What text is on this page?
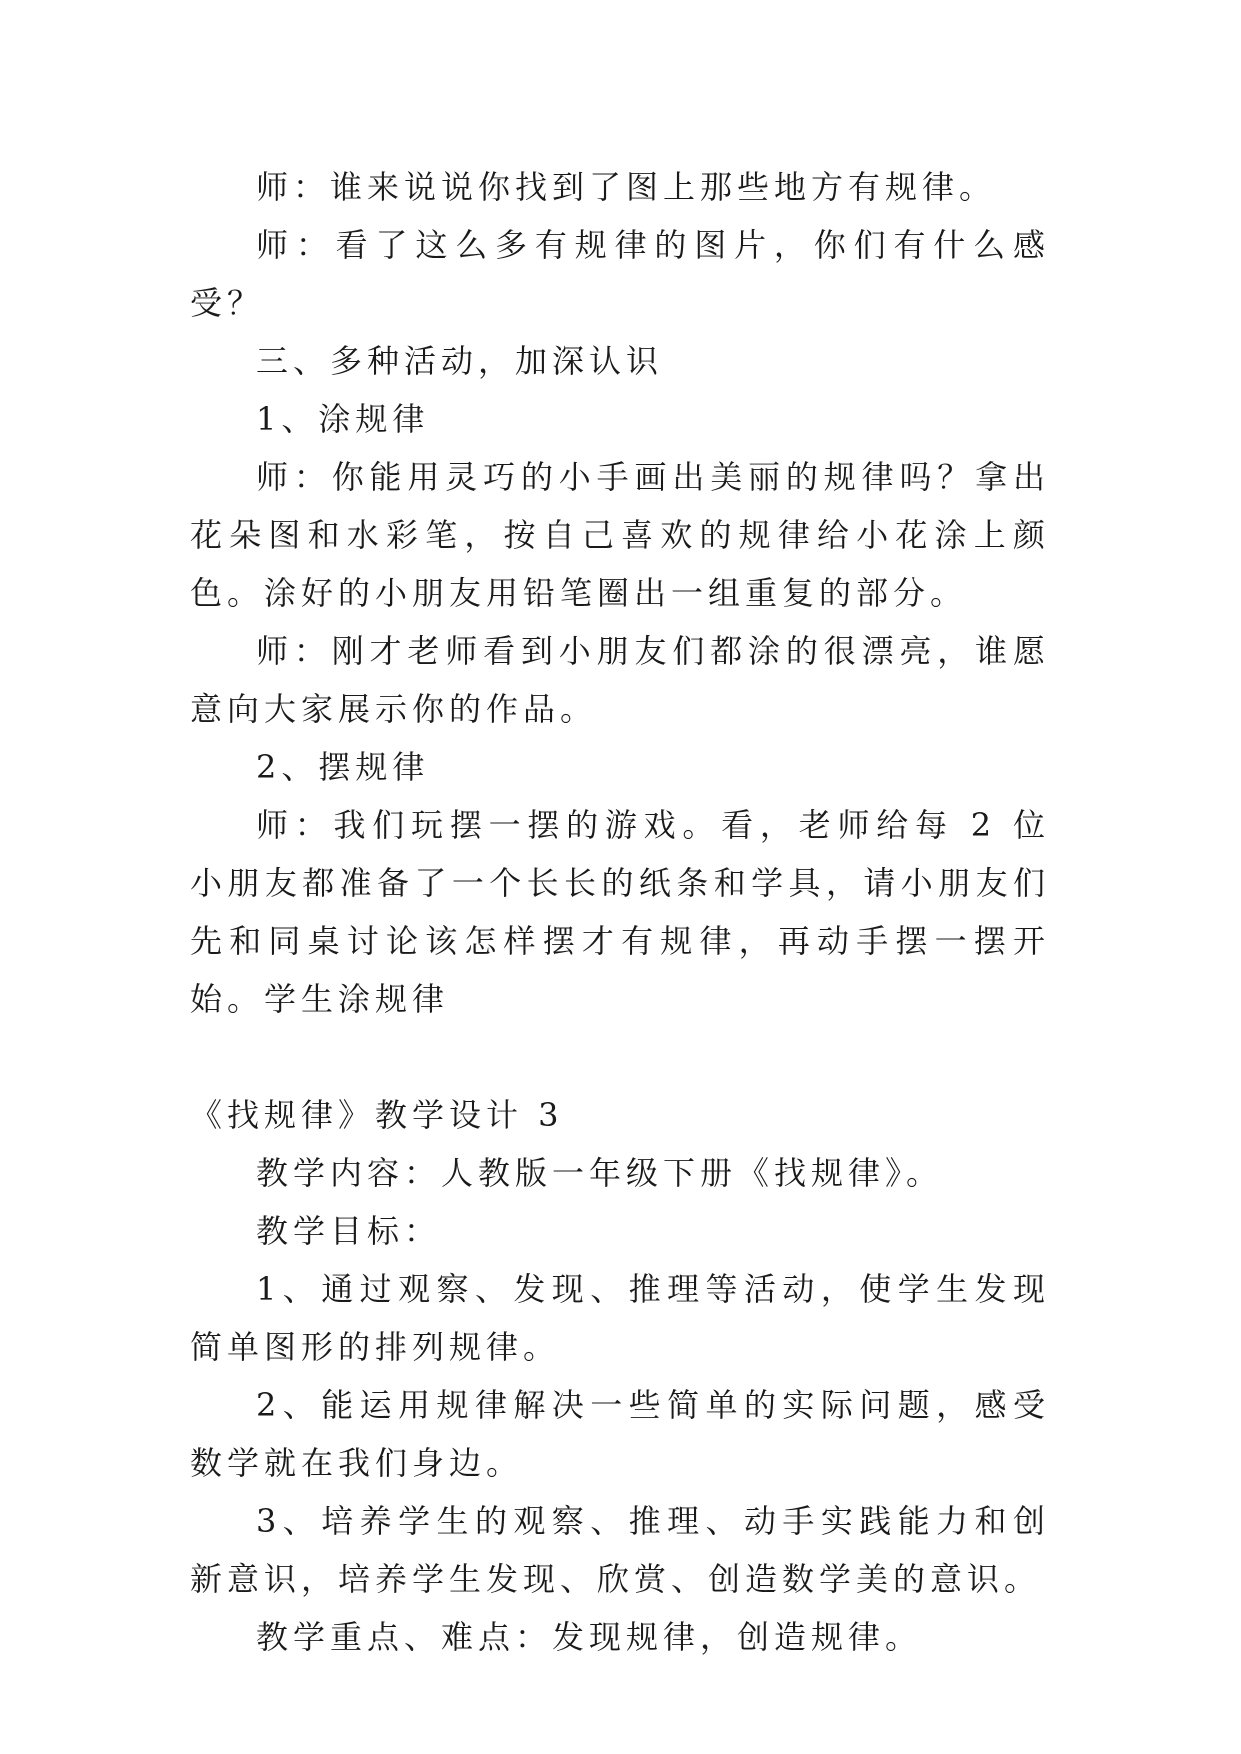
师：谁来说说你找到了图上那些地方有规律。

师：看了这么多有规律的图片，你们有什么感受？

三、多种活动，加深认识

1、涂规律

师：你能用灵巧的小手画出美丽的规律吗？拿出花朵图和水彩笔，按自己喜欢的规律给小花涂上颜色。涂好的小朋友用铅笔圈出一组重复的部分。

师：刚才老师看到小朋友们都涂的很漂亮，谁愿意向大家展示你的作品。

2、摆规律

师：我们玩摆一摆的游戏。看，老师给每 2 位小朋友都准备了一个长长的纸条和学具，请小朋友们先和同桌讨论该怎样摆才有规律，再动手摆一摆开始。学生涂规律

《找规律》教学设计 3

教学内容：人教版一年级下册《找规律》。

教学目标：

1、通过观察、发现、推理等活动，使学生发现简单图形的排列规律。

2、能运用规律解决一些简单的实际问题，感受数学就在我们身边。

3、培养学生的观察、推理、动手实践能力和创新意识，培养学生发现、欣赏、创造数学美的意识。

教学重点、难点：发现规律，创造规律。
